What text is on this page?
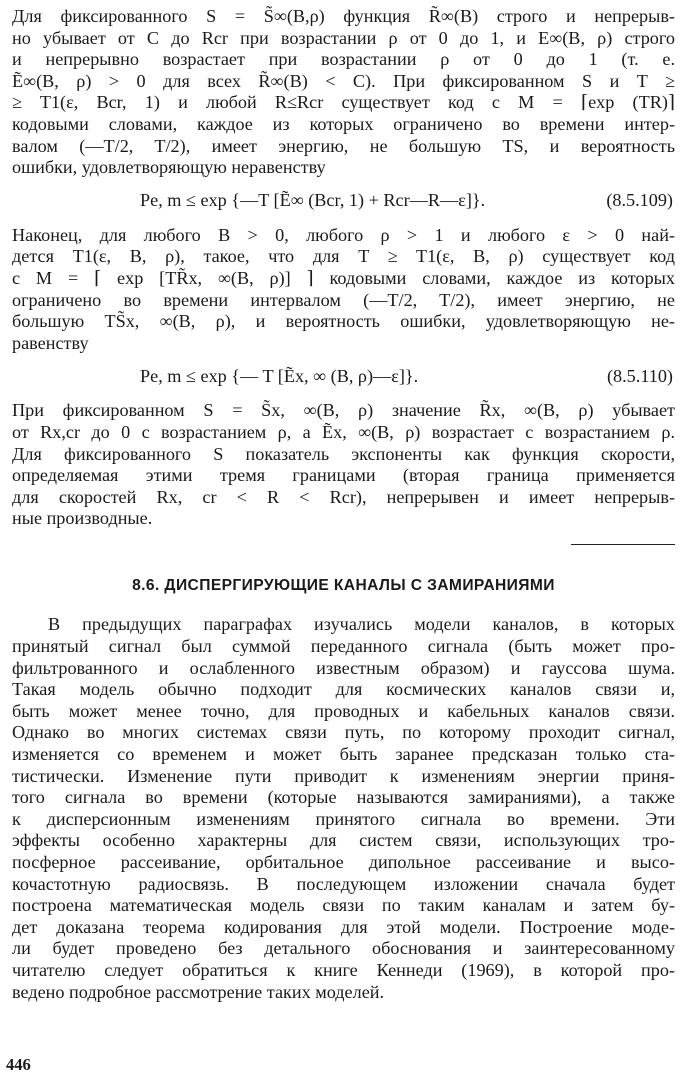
Для фиксированного S = S̃∞(B,ρ) функция R̃∞(B) строго и непрерыв-
но убывает от C до Rcr при возрастании ρ от 0 до 1, и E∞(B, ρ) строго
и непрерывно возрастает при возрастании ρ от 0 до 1 (т. е.
Ẽ∞(B, ρ) > 0 для всех R̃∞(B) < C). При фиксированном S и T ≥
≥ T1(ε, Bcr, 1) и любой R≤Rcr существует код с M = ⌈exp (TR)⌉
кодовыми словами, каждое из которых ограничено во времени интер-
валом (—T/2, T/2), имеет энергию, не большую TS, и вероятность
ошибки, удовлетворяющую неравенству
Pe, m ≤ exp {—T [Ẽ∞ (Bcr, 1) + Rcr—R—ε]}.	(8.5.109)
Наконец, для любого B > 0, любого ρ > 1 и любого ε > 0 най-
дется T1(ε, B, ρ), такое, что для T ≥ T1(ε, B, ρ) существует код
с M = ⌈ exp [TR̃x, ∞(B, ρ)] ⌉ кодовыми словами, каждое из которых
ограничено во времени интервалом (—T/2, T/2), имеет энергию, не
большую TS̃x, ∞(B, ρ), и вероятность ошибки, удовлетворяющую не-
равенству
Pe, m ≤ exp {— T [Ẽx, ∞ (B, ρ)—ε]}.	(8.5.110)
При фиксированном S = S̃x, ∞(B, ρ) значение R̃x, ∞(B, ρ) убывает
от Rx,cr до 0 с возрастанием ρ, а Ẽx, ∞(B, ρ) возрастает с возрастанием ρ.
Для фиксированного S показатель экспоненты как функция скорости,
определяемая этими тремя границами (вторая граница применяется
для скоростей Rx, cr < R < Rcr), непрерывен и имеет непрерыв-
ные производные.
8.6. ДИСПЕРГИРУЮЩИЕ КАНАЛЫ С ЗАМИРАНИЯМИ
В предыдущих параграфах изучались модели каналов, в которых
принятый сигнал был суммой переданного сигнала (быть может про-
фильтрованного и ослабленного известным образом) и гауссова шума.
Такая модель обычно подходит для космических каналов связи и,
быть может менее точно, для проводных и кабельных каналов связи.
Однако во многих системах связи путь, по которому проходит сигнал,
изменяется со временем и может быть заранее предсказан только ста-
тистически. Изменение пути приводит к изменениям энергии приня-
того сигнала во времени (которые называются замираниями), а также
к дисперсионным изменениям принятого сигнала во времени. Эти
эффекты особенно характерны для систем связи, использующих тро-
посферное рассеивание, орбитальное дипольное рассеивание и высо-
кочастотную радиосвязь. В последующем изложении сначала будет
построена математическая модель связи по таким каналам и затем бу-
дет доказана теорема кодирования для этой модели. Построение моде-
ли будет проведено без детального обоснования и заинтересованному
читателю следует обратиться к книге Кеннеди (1969), в которой про-
ведено подробное рассмотрение таких моделей.
446
